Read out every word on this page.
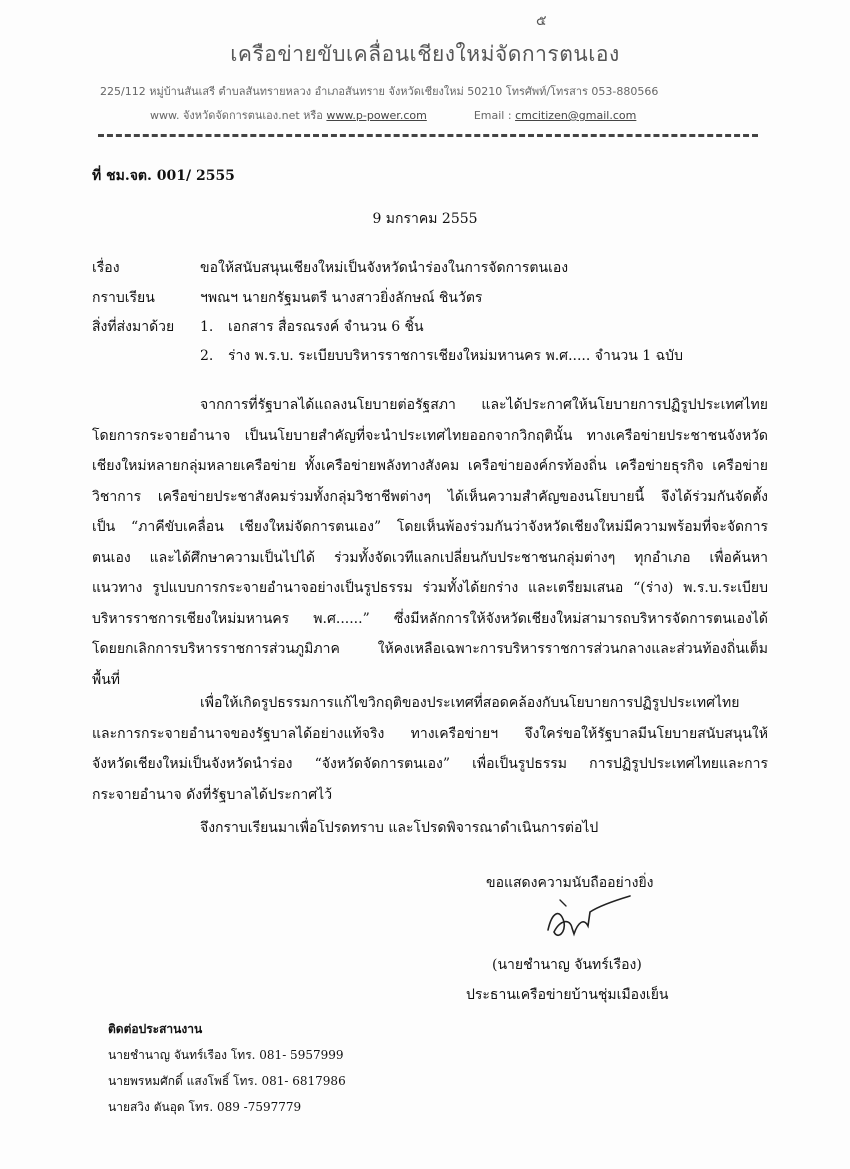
๕
เครือข่ายขับเคลื่อนเชียงใหม่จัดการตนเอง
225/112 หมู่บ้านสันเสรี ตำบลสันทรายหลวง อำเภอสันทราย จังหวัดเชียงใหม่ 50210 โทรศัพท์/โทรสาร 053-880566
www. จังหวัดจัดการตนเอง.net หรือ www.p-power.com	Email : cmcitizen@gmail.com
ที่ ชม.จต. 001/ 2555
9 มกราคม 2555
เรื่อง	ขอให้สนับสนุนเชียงใหม่เป็นจังหวัดนำร่องในการจัดการตนเอง
กราบเรียน	ฯพณฯ นายกรัฐมนตรี นางสาวยิ่งลักษณ์ ชินวัตร
สิ่งที่ส่งมาด้วย 1. เอกสาร สื่อรณรงค์ จำนวน 6 ชิ้น
2. ร่าง พ.ร.บ. ระเบียบบริหารราชการเชียงใหม่มหานคร พ.ศ..... จำนวน 1 ฉบับ
จากการที่รัฐบาลได้แถลงนโยบายต่อรัฐสภา และได้ประกาศให้นโยบายการปฏิรูปประเทศไทย
โดยการกระจายอำนาจ เป็นนโยบายสำคัญที่จะนำประเทศไทยออกจากวิกฤตินั้น ทางเครือข่ายประชาชนจังหวัด
เชียงใหม่หลายกลุ่มหลายเครือข่าย ทั้งเครือข่ายพลังทางสังคม เครือข่ายองค์กรท้องถิ่น เครือข่ายธุรกิจ เครือข่าย
วิชาการ เครือข่ายประชาสังคมร่วมทั้งกลุ่มวิชาชีพต่างๆ ได้เห็นความสำคัญของนโยบายนี้ จึงได้ร่วมกันจัดตั้ง
เป็น “ภาคีขับเคลื่อน เชียงใหม่จัดการตนเอง” โดยเห็นพ้องร่วมกันว่าจังหวัดเชียงใหม่มีความพร้อมที่จะจัดการ
ตนเอง และได้ศึกษาความเป็นไปได้ ร่วมทั้งจัดเวทีแลกเปลี่ยนกับประชาชนกลุ่มต่างๆ ทุกอำเภอ เพื่อค้นหา
แนวทาง รูปแบบการกระจายอำนาจอย่างเป็นรูปธรรม ร่วมทั้งได้ยกร่าง และเตรียมเสนอ “(ร่าง) พ.ร.บ.ระเบียบ
บริหารราชการเชียงใหม่มหานคร พ.ศ......” ซึ่งมีหลักการให้จังหวัดเชียงใหม่สามารถบริหารจัดการตนเองได้
โดยยกเลิกการบริหารราชการส่วนภูมิภาค ให้คงเหลือเฉพาะการบริหารราชการส่วนกลางและส่วนท้องถิ่นเต็ม
พื้นที่
เพื่อให้เกิดรูปธรรมการแก้ไขวิกฤติของประเทศที่สอดคล้องกับนโยบายการปฏิรูปประเทศไทย
และการกระจายอำนาจของรัฐบาลได้อย่างแท้จริง ทางเครือข่ายฯ จึงใคร่ขอให้รัฐบาลมีนโยบายสนับสนุนให้
จังหวัดเชียงใหม่เป็นจังหวัดนำร่อง “จังหวัดจัดการตนเอง” เพื่อเป็นรูปธรรม การปฏิรูปประเทศไทยและการ
กระจายอำนาจ ดังที่รัฐบาลได้ประกาศไว้
จึงกราบเรียนมาเพื่อโปรดทราบ และโปรดพิจารณาดำเนินการต่อไป
ขอแสดงความนับถืออย่างยิ่ง
(นายชำนาญ จันทร์เรือง)
ประธานเครือข่ายบ้านชุ่มเมืองเย็น
ติดต่อประสานงาน
นายชำนาญ จันทร์เรือง โทร. 081- 5957999
นายพรหมศักดิ์ แสงโพธิ์ โทร. 081- 6817986
นายสวิง ตันอุด โทร. 089 -7597779
